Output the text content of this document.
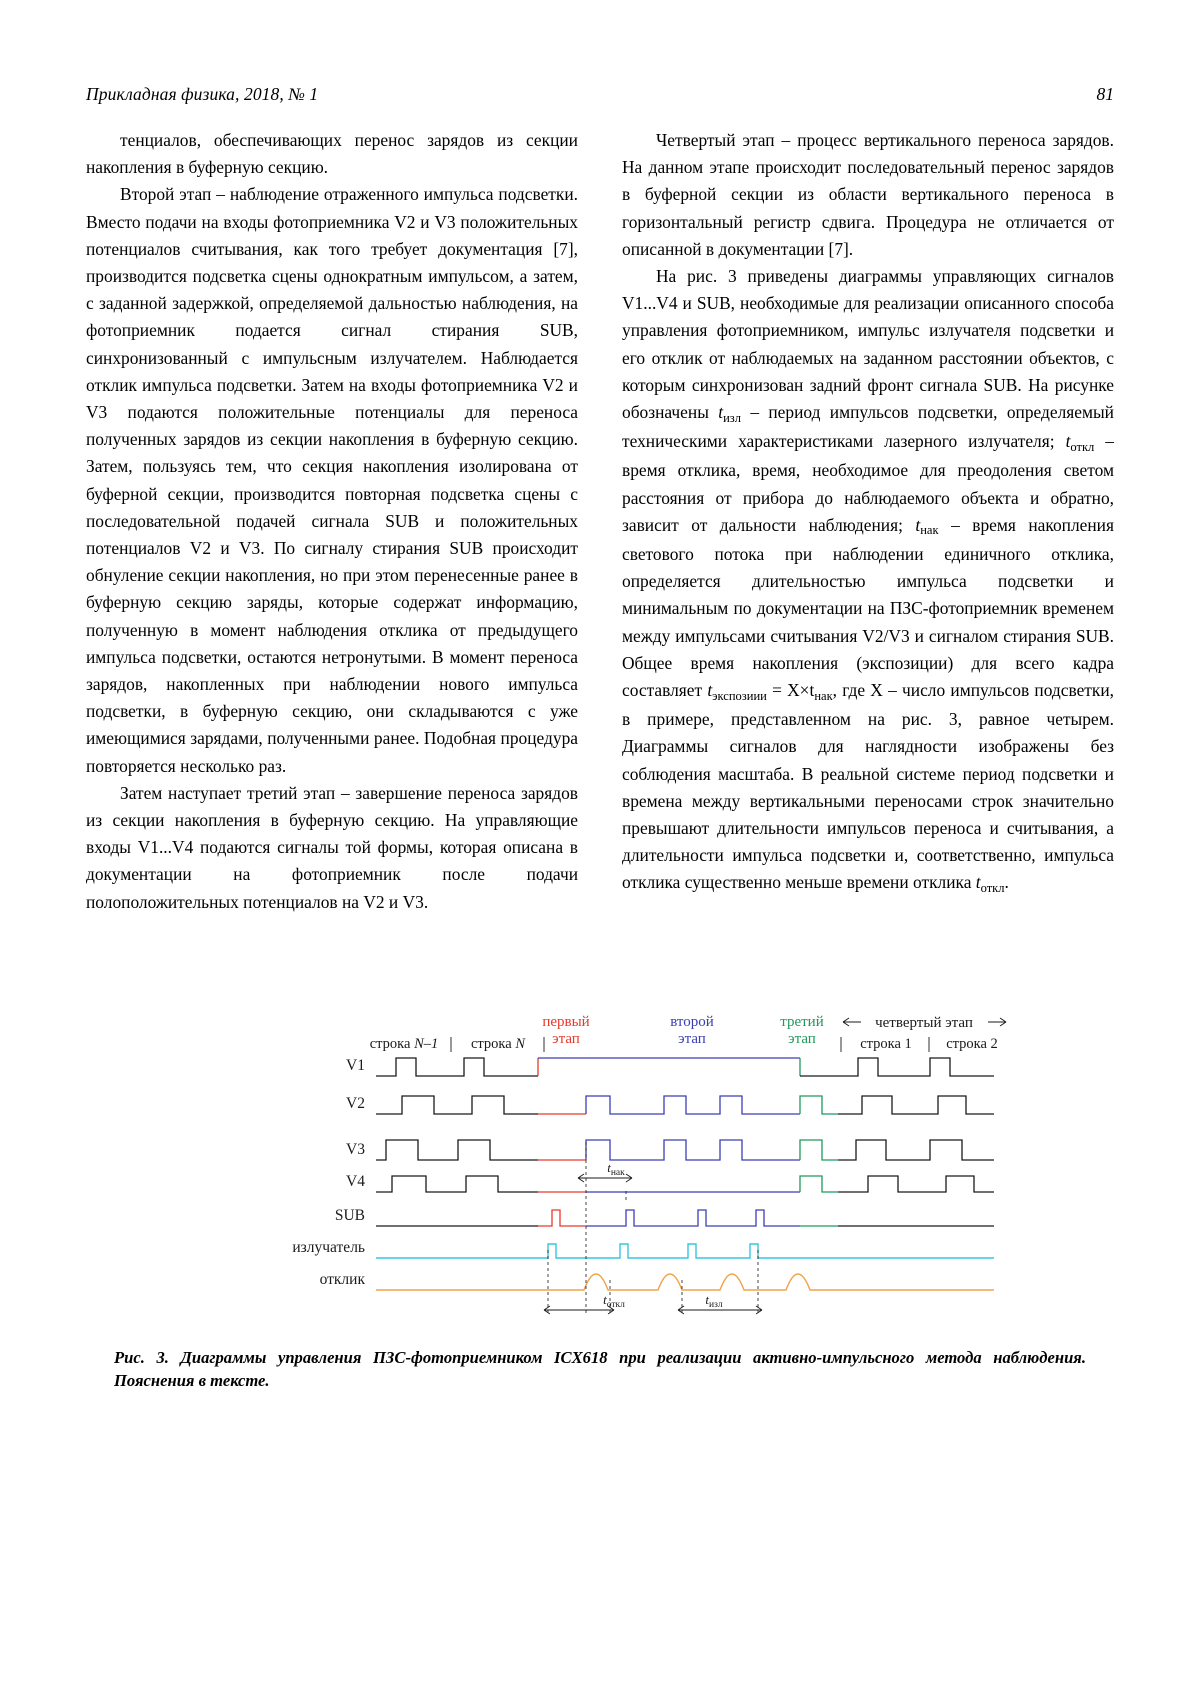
Прикладная физика, 2018, № 1	81

тенциалов, обеспечивающих перенос зарядов из секции накопления в буферную секцию.

Второй этап – наблюдение отраженного импульса подсветки. Вместо подачи на входы фотоприемника V2 и V3 положительных потенциалов считывания, как того требует документация [7], производится подсветка сцены однократным импульсом, а затем, с заданной задержкой, определяемой дальностью наблюдения, на фотоприемник подается сигнал стирания SUB, синхронизованный с импульсным излучателем. Наблюдается отклик импульса подсветки. Затем на входы фотоприемника V2 и V3 подаются положительные потенциалы для переноса полученных зарядов из секции накопления в буферную секцию. Затем, пользуясь тем, что секция накопления изолирована от буферной секции, производится повторная подсветка сцены с последовательной подачей сигнала SUB и положительных потенциалов V2 и V3. По сигналу стирания SUB происходит обнуление секции накопления, но при этом перенесенные ранее в буферную секцию заряды, которые содержат информацию, полученную в момент наблюдения отклика от предыдущего импульса подсветки, остаются нетронутыми. В момент переноса зарядов, накопленных при наблюдении нового импульса подсветки, в буферную секцию, они складываются с уже имеющимися зарядами, полученными ранее. Подобная процедура повторяется несколько раз.

Затем наступает третий этап – завершение переноса зарядов из секции накопления в буферную секцию. На управляющие входы V1...V4 подаются сигналы той формы, которая описана в документации на фотоприемник после подачи полоположительных потенциалов на V2 и V3.

Четвертый этап – процесс вертикального переноса зарядов. На данном этапе происходит последовательный перенос зарядов в буферной секции из области вертикального переноса в горизонтальный регистр сдвига. Процедура не отличается от описанной в документации [7].

На рис. 3 приведены диаграммы управляющих сигналов V1...V4 и SUB, необходимые для реализации описанного способа управления фотоприемником, импульс излучателя подсветки и его отклик от наблюдаемых на заданном расстоянии объектов, с которым синхронизован задний фронт сигнала SUB. На рисунке обозначены $t_{изл}$ – период импульсов подсветки, определяемый техническими характеристиками лазерного излучателя; $t_{откл}$ – время отклика, время, необходимое для преодоления светом расстояния от прибора до наблюдаемого объекта и обратно, зависит от дальности наблюдения; $t_{нак}$ – время накопления светового потока при наблюдении единичного отклика, определяется длительностью импульса подсветки и минимальным по документации на ПЗС-фотоприемник временем между импульсами считывания V2/V3 и сигналом стирания SUB. Общее время накопления (экспозиции) для всего кадра составляет $t_{экспозиии} = X\times t_{нак}$, где X – число импульсов подсветки, в примере, представленном на рис. 3, равное четырем. Диаграммы сигналов для наглядности изображены без соблюдения масштаба. В реальной системе период подсветки и времена между вертикальными переносами строк значительно превышают длительности импульсов переноса и считывания, а длительности импульса подсветки и, соответственно, импульса отклика существенно меньше времени отклика $t_{откл}$.

первый
этап
второй
этап
третий
этап
четвертый этап
строка N–1 строка N	строка 1 строка 2
V1
V2
V3
V4
SUB
излучатель
отклик
$t_{нак}$
$t_{откл}$	$t_{изл}$
Рис. 3. Диаграммы управления ПЗС-фотоприемником ICX618 при реализации активно-импульсного метода наблюдения. Пояснения в тексте.
